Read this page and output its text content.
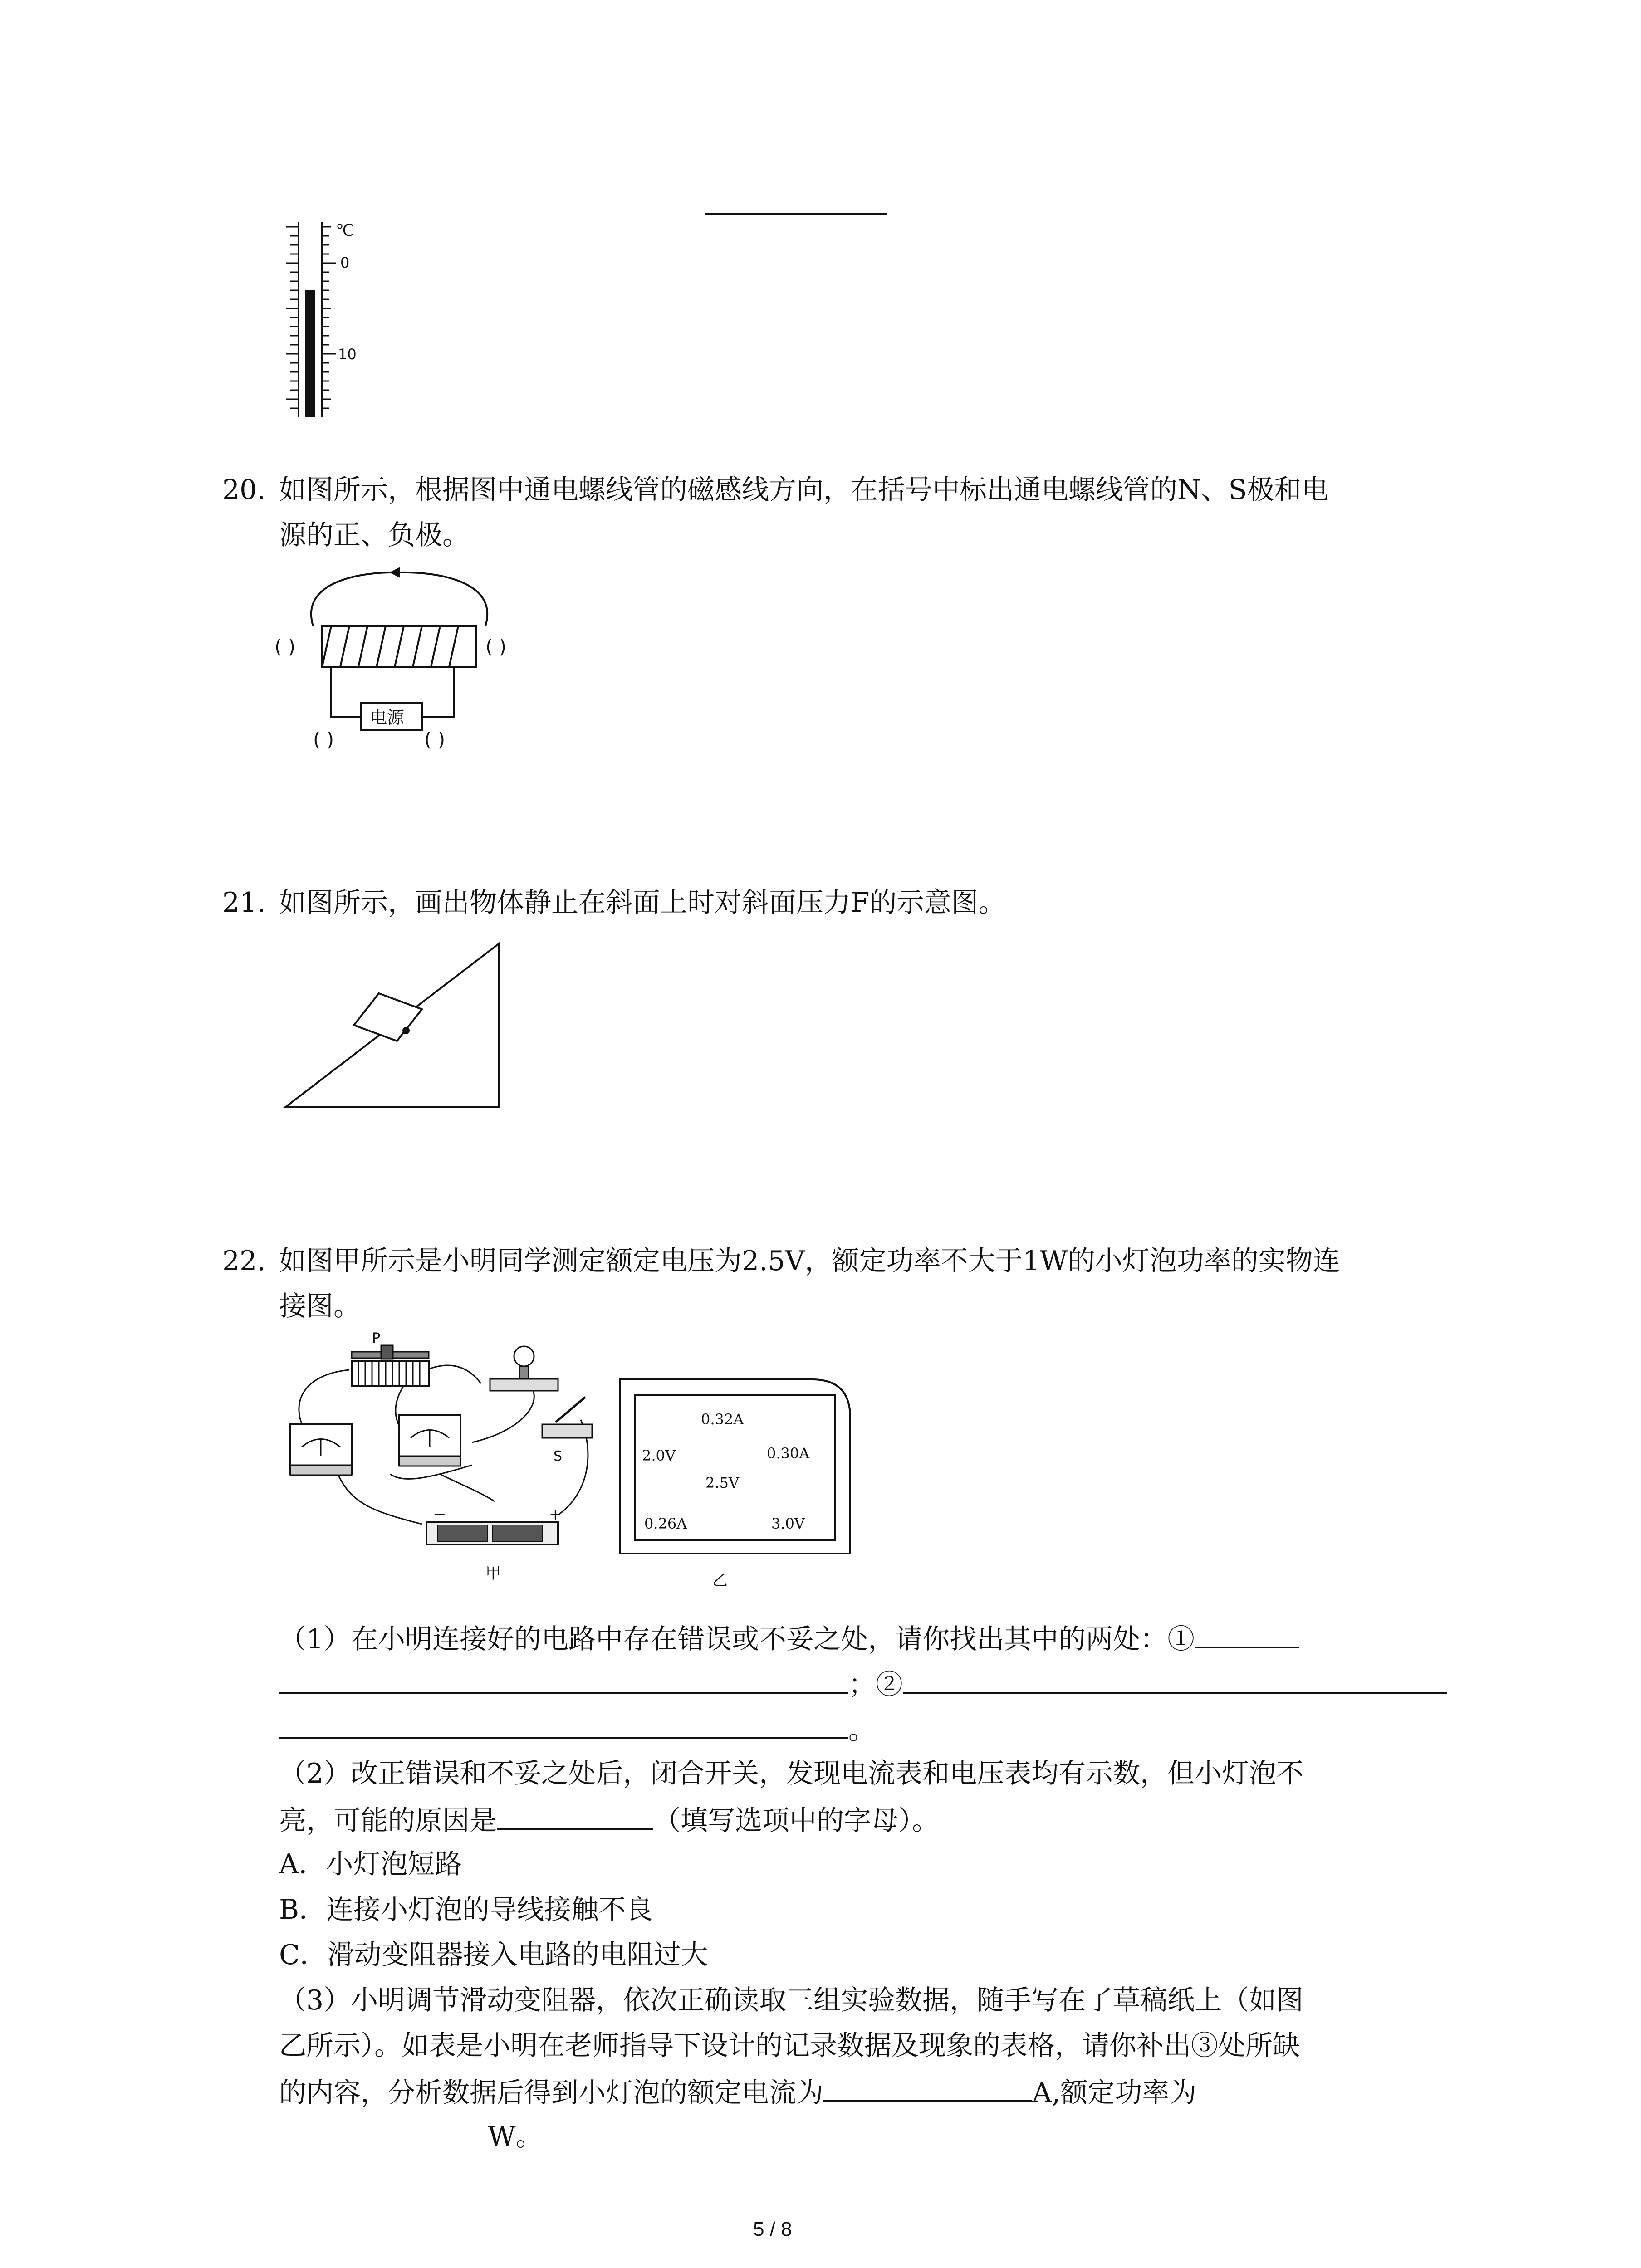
℃
0
10
20. 如图所示，根据图中通电螺线管的磁感线方向，在括号中标出通电螺线管的N、S极和电
源的正、负极。
( )	( )
电源
( )	( )
21. 如图所示，画出物体静止在斜面上时对斜面压力F的示意图。
22. 如图甲所示是小明同学测定额定电压为2.5V，额定功率不大于1W的小灯泡功率的实物连
接图。
P
S
−	+
甲
0.32A
2.0V	0.30A
2.5V
0.26A	3.0V
乙
（1）在小明连接好的电路中存在错误或不妥之处，请你找出其中的两处：①
；②
。
（2）改正错误和不妥之处后，闭合开关，发现电流表和电压表均有示数，但小灯泡不
亮，可能的原因是	（填写选项中的字母）。
A．小灯泡短路
B．连接小灯泡的导线接触不良
C．滑动变阻器接入电路的电阻过大
（3）小明调节滑动变阻器，依次正确读取三组实验数据，随手写在了草稿纸上（如图
乙所示）。如表是小明在老师指导下设计的记录数据及现象的表格，请你补出③处所缺
的内容，分析数据后得到小灯泡的额定电流为	A,额定功率为
W。
5 / 8
